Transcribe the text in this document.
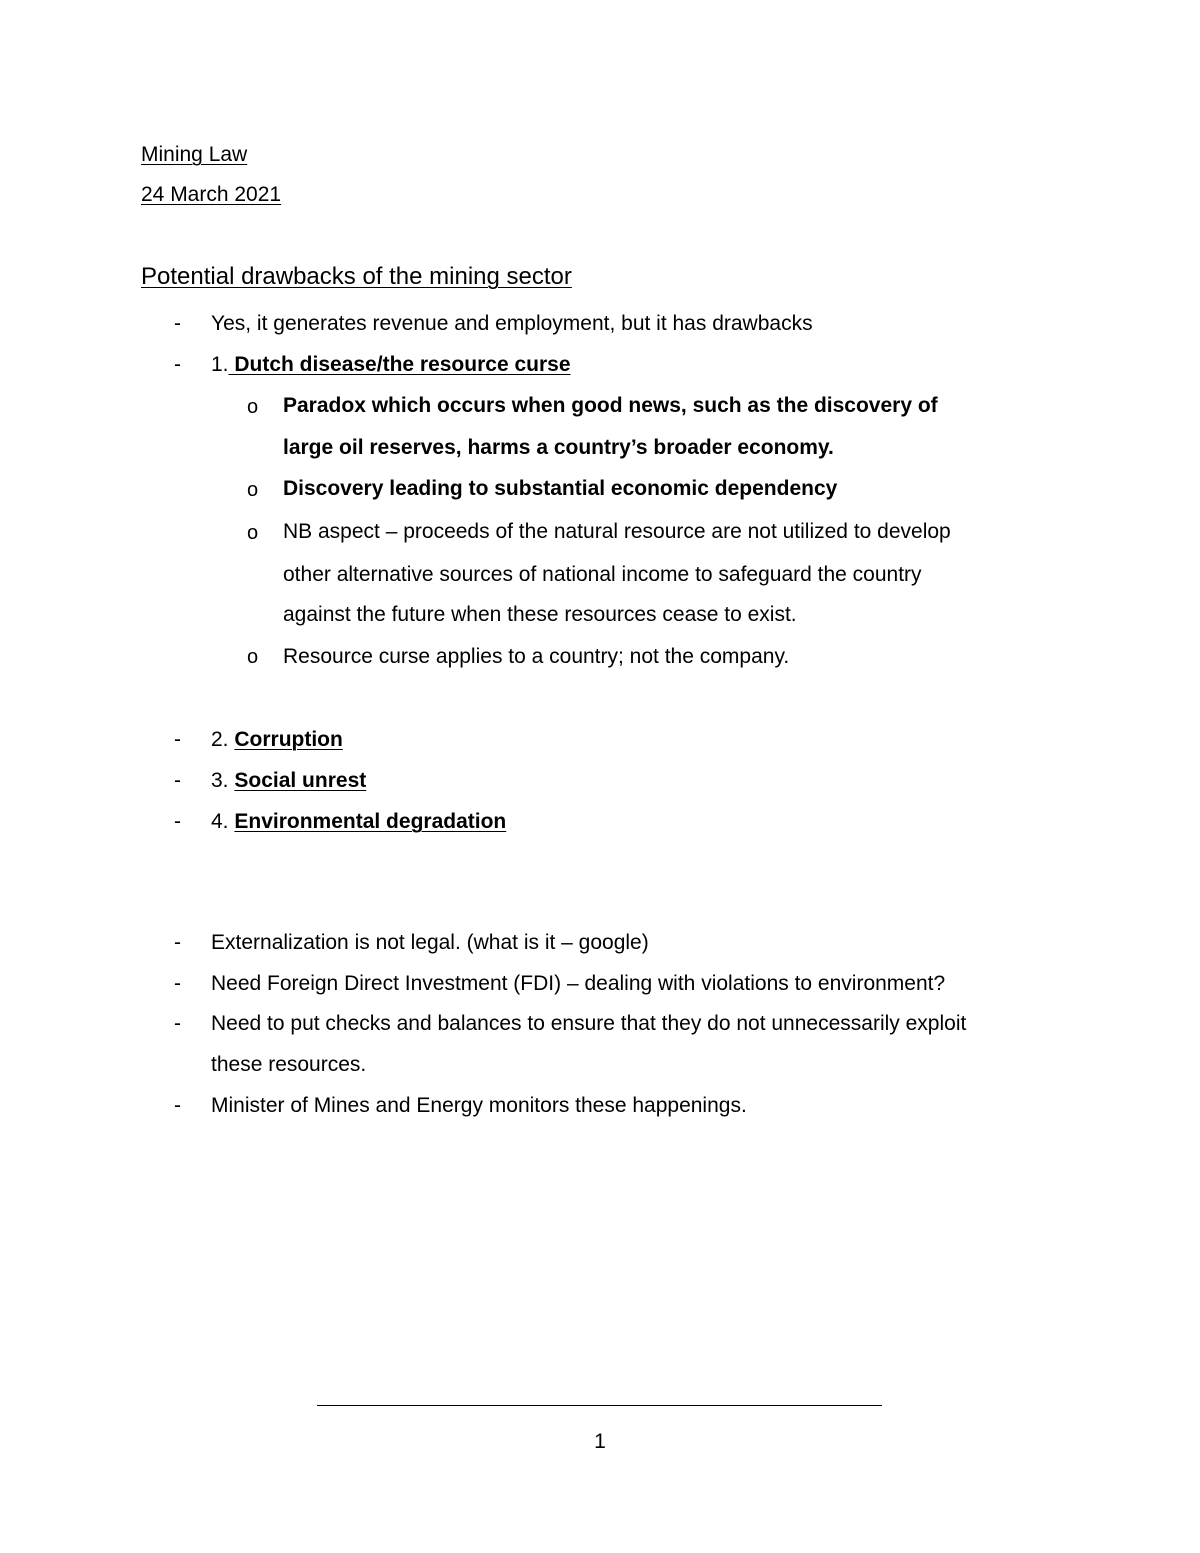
Mining Law
24 March 2021
Potential drawbacks of the mining sector
- Yes, it generates revenue and employment, but it has drawbacks
- 1. Dutch disease/the resource curse
o Paradox which occurs when good news, such as the discovery of
large oil reserves, harms a country’s broader economy.
o Discovery leading to substantial economic dependency
o NB aspect – proceeds of the natural resource are not utilized to develop
other alternative sources of national income to safeguard the country
against the future when these resources cease to exist.
o Resource curse applies to a country; not the company.
- 2. Corruption
- 3. Social unrest
- 4. Environmental degradation
- Externalization is not legal. (what is it – google)
- Need Foreign Direct Investment (FDI) – dealing with violations to environment?
- Need to put checks and balances to ensure that they do not unnecessarily exploit
these resources.
- Minister of Mines and Energy monitors these happenings.
1
